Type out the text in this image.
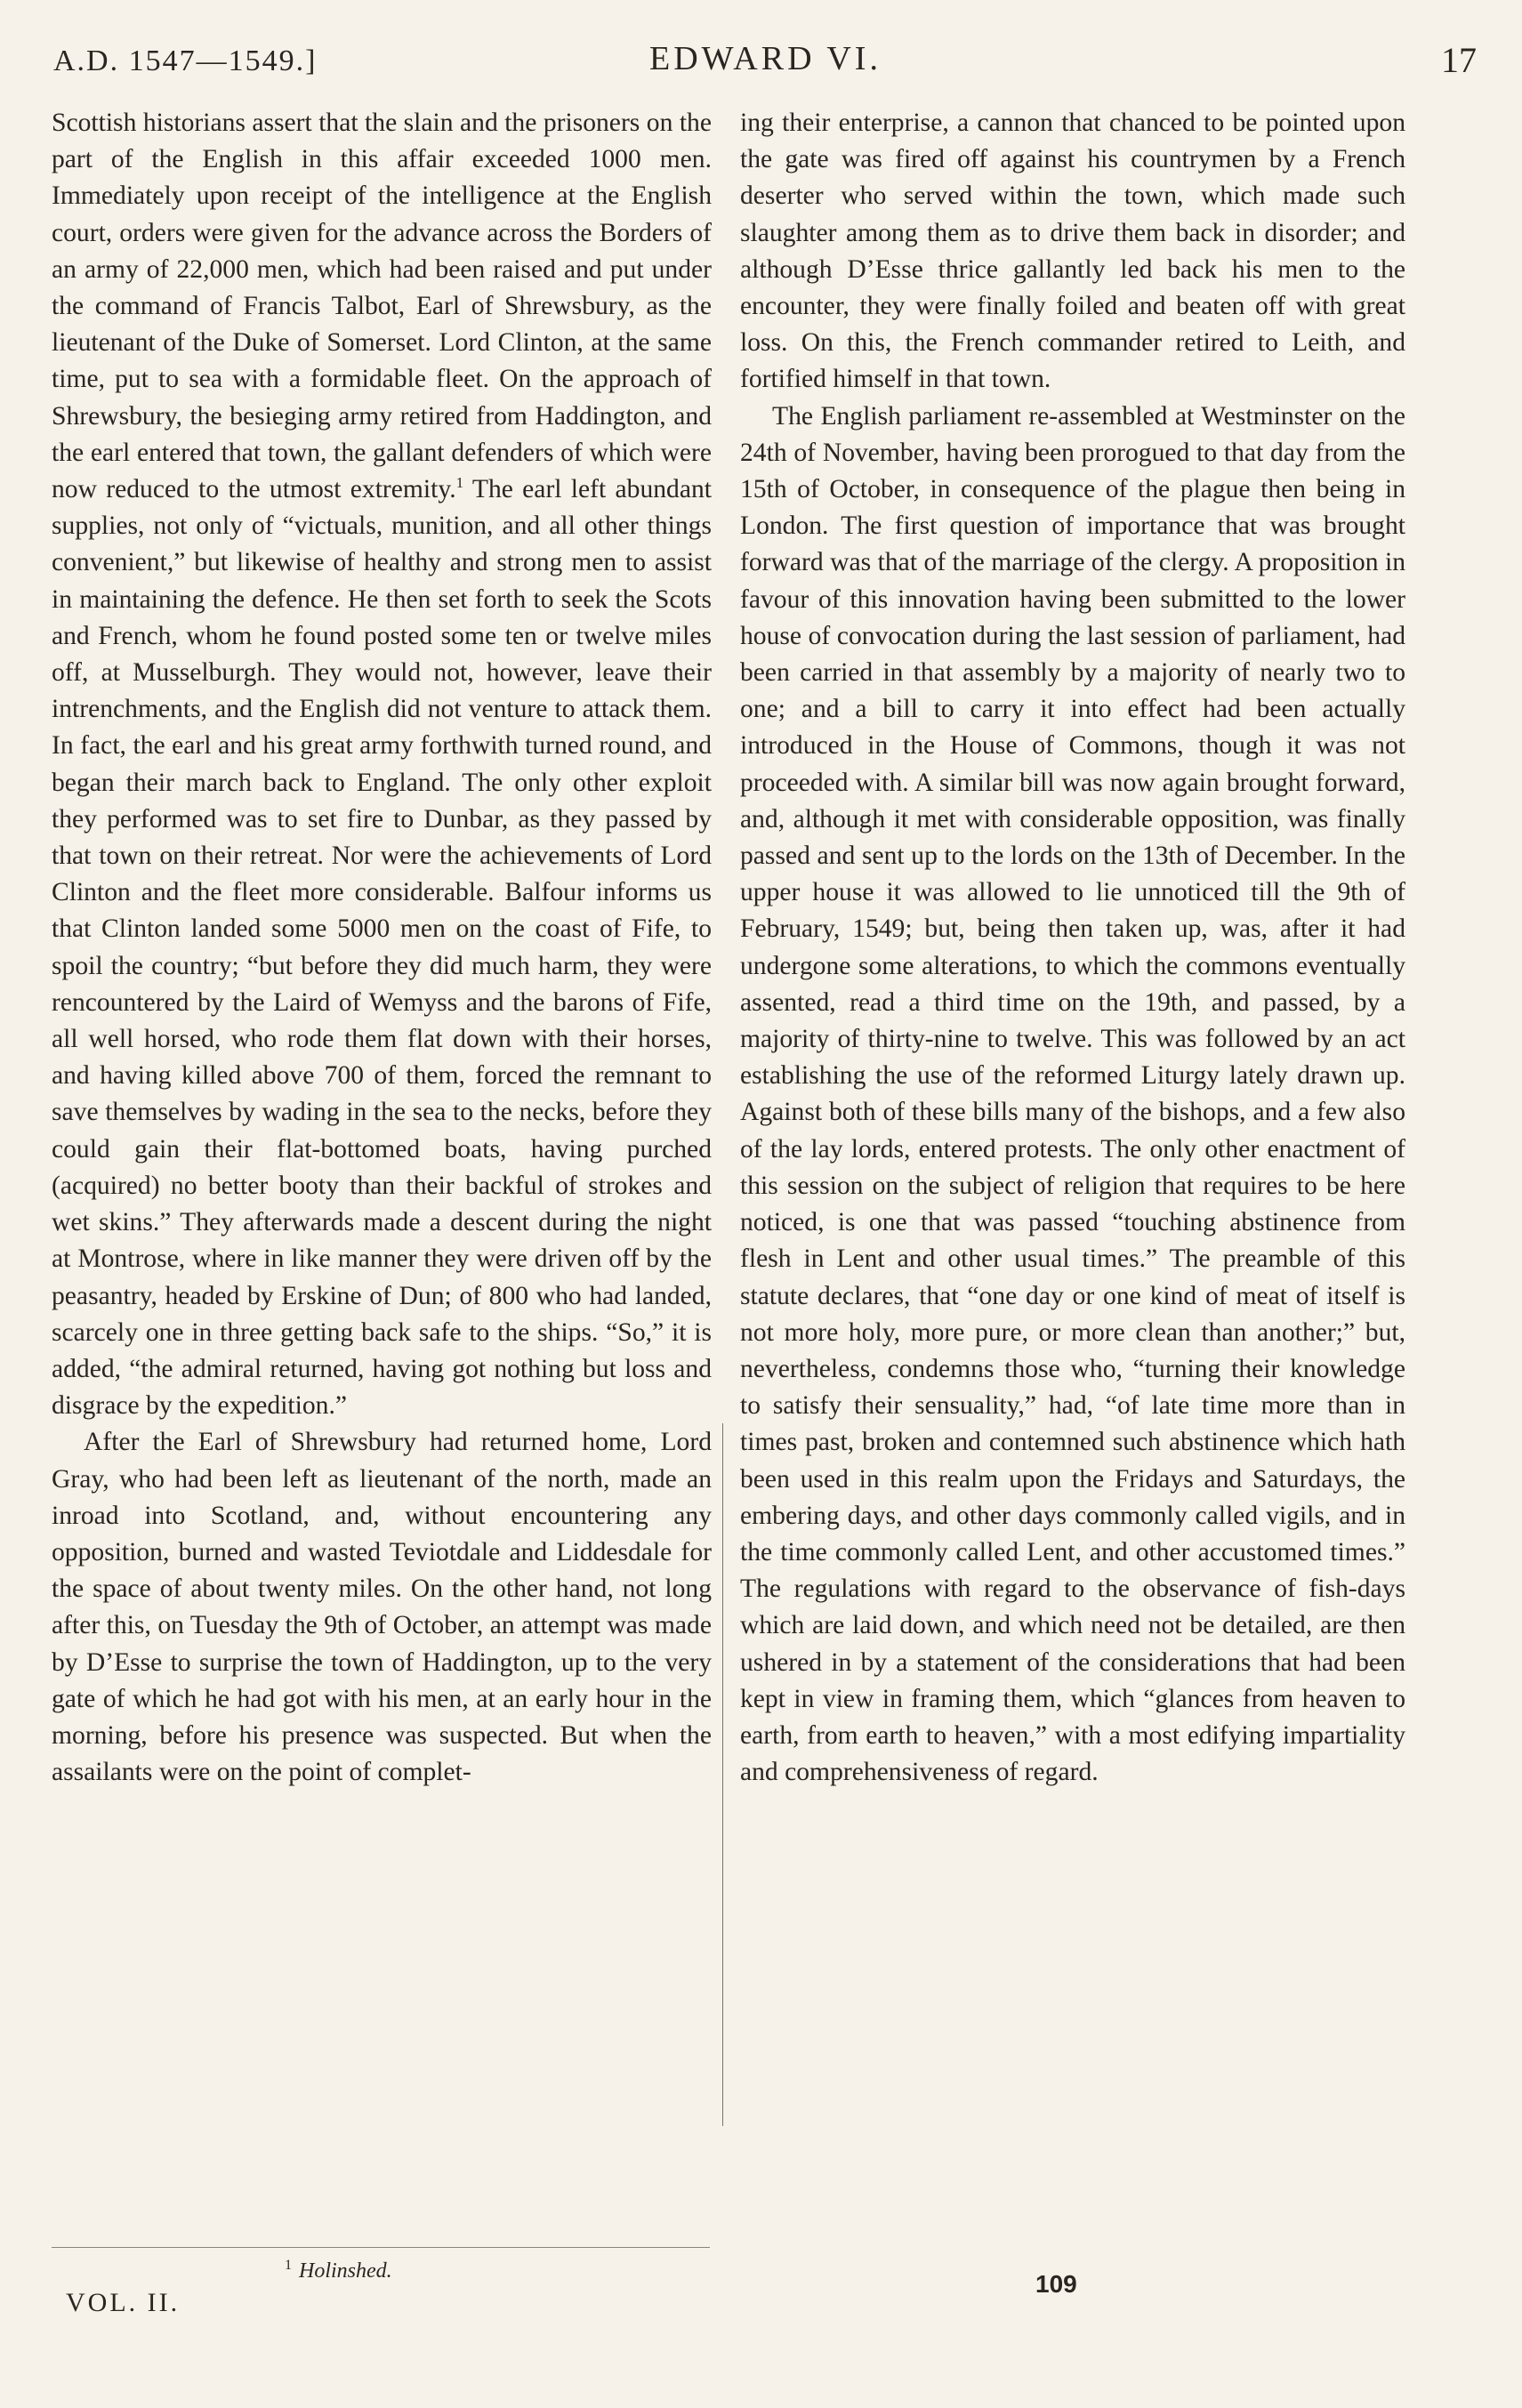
A.D. 1547—1549.]	EDWARD VI.	17

Scottish historians assert that the slain and the prisoners on the part of the English in this affair exceeded 1000 men. Immediately upon receipt of the intelligence at the English court, orders were given for the advance across the Borders of an army of 22,000 men, which had been raised and put under the command of Francis Talbot, Earl of Shrewsbury, as the lieutenant of the Duke of Somerset. Lord Clinton, at the same time, put to sea with a formidable fleet. On the approach of Shrewsbury, the besieging army retired from Haddington, and the earl entered that town, the gallant defenders of which were now reduced to the utmost extremity.$^1$ The earl left abundant supplies, not only of “victuals, munition, and all other things convenient,” but likewise of healthy and strong men to assist in maintaining the defence. He then set forth to seek the Scots and French, whom he found posted some ten or twelve miles off, at Musselburgh. They would not, however, leave their intrenchments, and the English did not venture to attack them. In fact, the earl and his great army forthwith turned round, and began their march back to England. The only other exploit they performed was to set fire to Dunbar, as they passed by that town on their retreat. Nor were the achievements of Lord Clinton and the fleet more considerable. Balfour informs us that Clinton landed some 5000 men on the coast of Fife, to spoil the country; “but before they did much harm, they were rencountered by the Laird of Wemyss and the barons of Fife, all well horsed, who rode them flat down with their horses, and having killed above 700 of them, forced the remnant to save themselves by wading in the sea to the necks, before they could gain their flat-bottomed boats, having purched (acquired) no better booty than their backful of strokes and wet skins.” They afterwards made a descent during the night at Montrose, where in like manner they were driven off by the peasantry, headed by Erskine of Dun; of 800 who had landed, scarcely one in three getting back safe to the ships. “So,” it is added, “the admiral returned, having got nothing but loss and disgrace by the expedition.”

After the Earl of Shrewsbury had returned home, Lord Gray, who had been left as lieutenant of the north, made an inroad into Scotland, and, without encountering any opposition, burned and wasted Teviotdale and Liddesdale for the space of about twenty miles. On the other hand, not long after this, on Tuesday the 9th of October, an attempt was made by D’Esse to surprise the town of Haddington, up to the very gate of which he had got with his men, at an early hour in the morning, before his presence was suspected. But when the assailants were on the point of complet-

ing their enterprise, a cannon that chanced to be pointed upon the gate was fired off against his countrymen by a French deserter who served within the town, which made such slaughter among them as to drive them back in disorder; and although D’Esse thrice gallantly led back his men to the encounter, they were finally foiled and beaten off with great loss. On this, the French commander retired to Leith, and fortified himself in that town.

The English parliament re-assembled at Westminster on the 24th of November, having been prorogued to that day from the 15th of October, in consequence of the plague then being in London. The first question of importance that was brought forward was that of the marriage of the clergy. A proposition in favour of this innovation having been submitted to the lower house of convocation during the last session of parliament, had been carried in that assembly by a majority of nearly two to one; and a bill to carry it into effect had been actually introduced in the House of Commons, though it was not proceeded with. A similar bill was now again brought forward, and, although it met with considerable opposition, was finally passed and sent up to the lords on the 13th of December. In the upper house it was allowed to lie unnoticed till the 9th of February, 1549; but, being then taken up, was, after it had undergone some alterations, to which the commons eventually assented, read a third time on the 19th, and passed, by a majority of thirty-nine to twelve. This was followed by an act establishing the use of the reformed Liturgy lately drawn up. Against both of these bills many of the bishops, and a few also of the lay lords, entered protests. The only other enactment of this session on the subject of religion that requires to be here noticed, is one that was passed “touching abstinence from flesh in Lent and other usual times.” The preamble of this statute declares, that “one day or one kind of meat of itself is not more holy, more pure, or more clean than another;” but, nevertheless, condemns those who, “turning their knowledge to satisfy their sensuality,” had, “of late time more than in times past, broken and contemned such abstinence which hath been used in this realm upon the Fridays and Saturdays, the embering days, and other days commonly called vigils, and in the time commonly called Lent, and other accustomed times.” The regulations with regard to the observance of fish-days which are laid down, and which need not be detailed, are then ushered in by a statement of the considerations that had been kept in view in framing them, which “glances from heaven to earth, from earth to heaven,” with a most edifying impartiality and comprehensiveness of regard.

$^1$ Holinshed.
VOL. II.
109
